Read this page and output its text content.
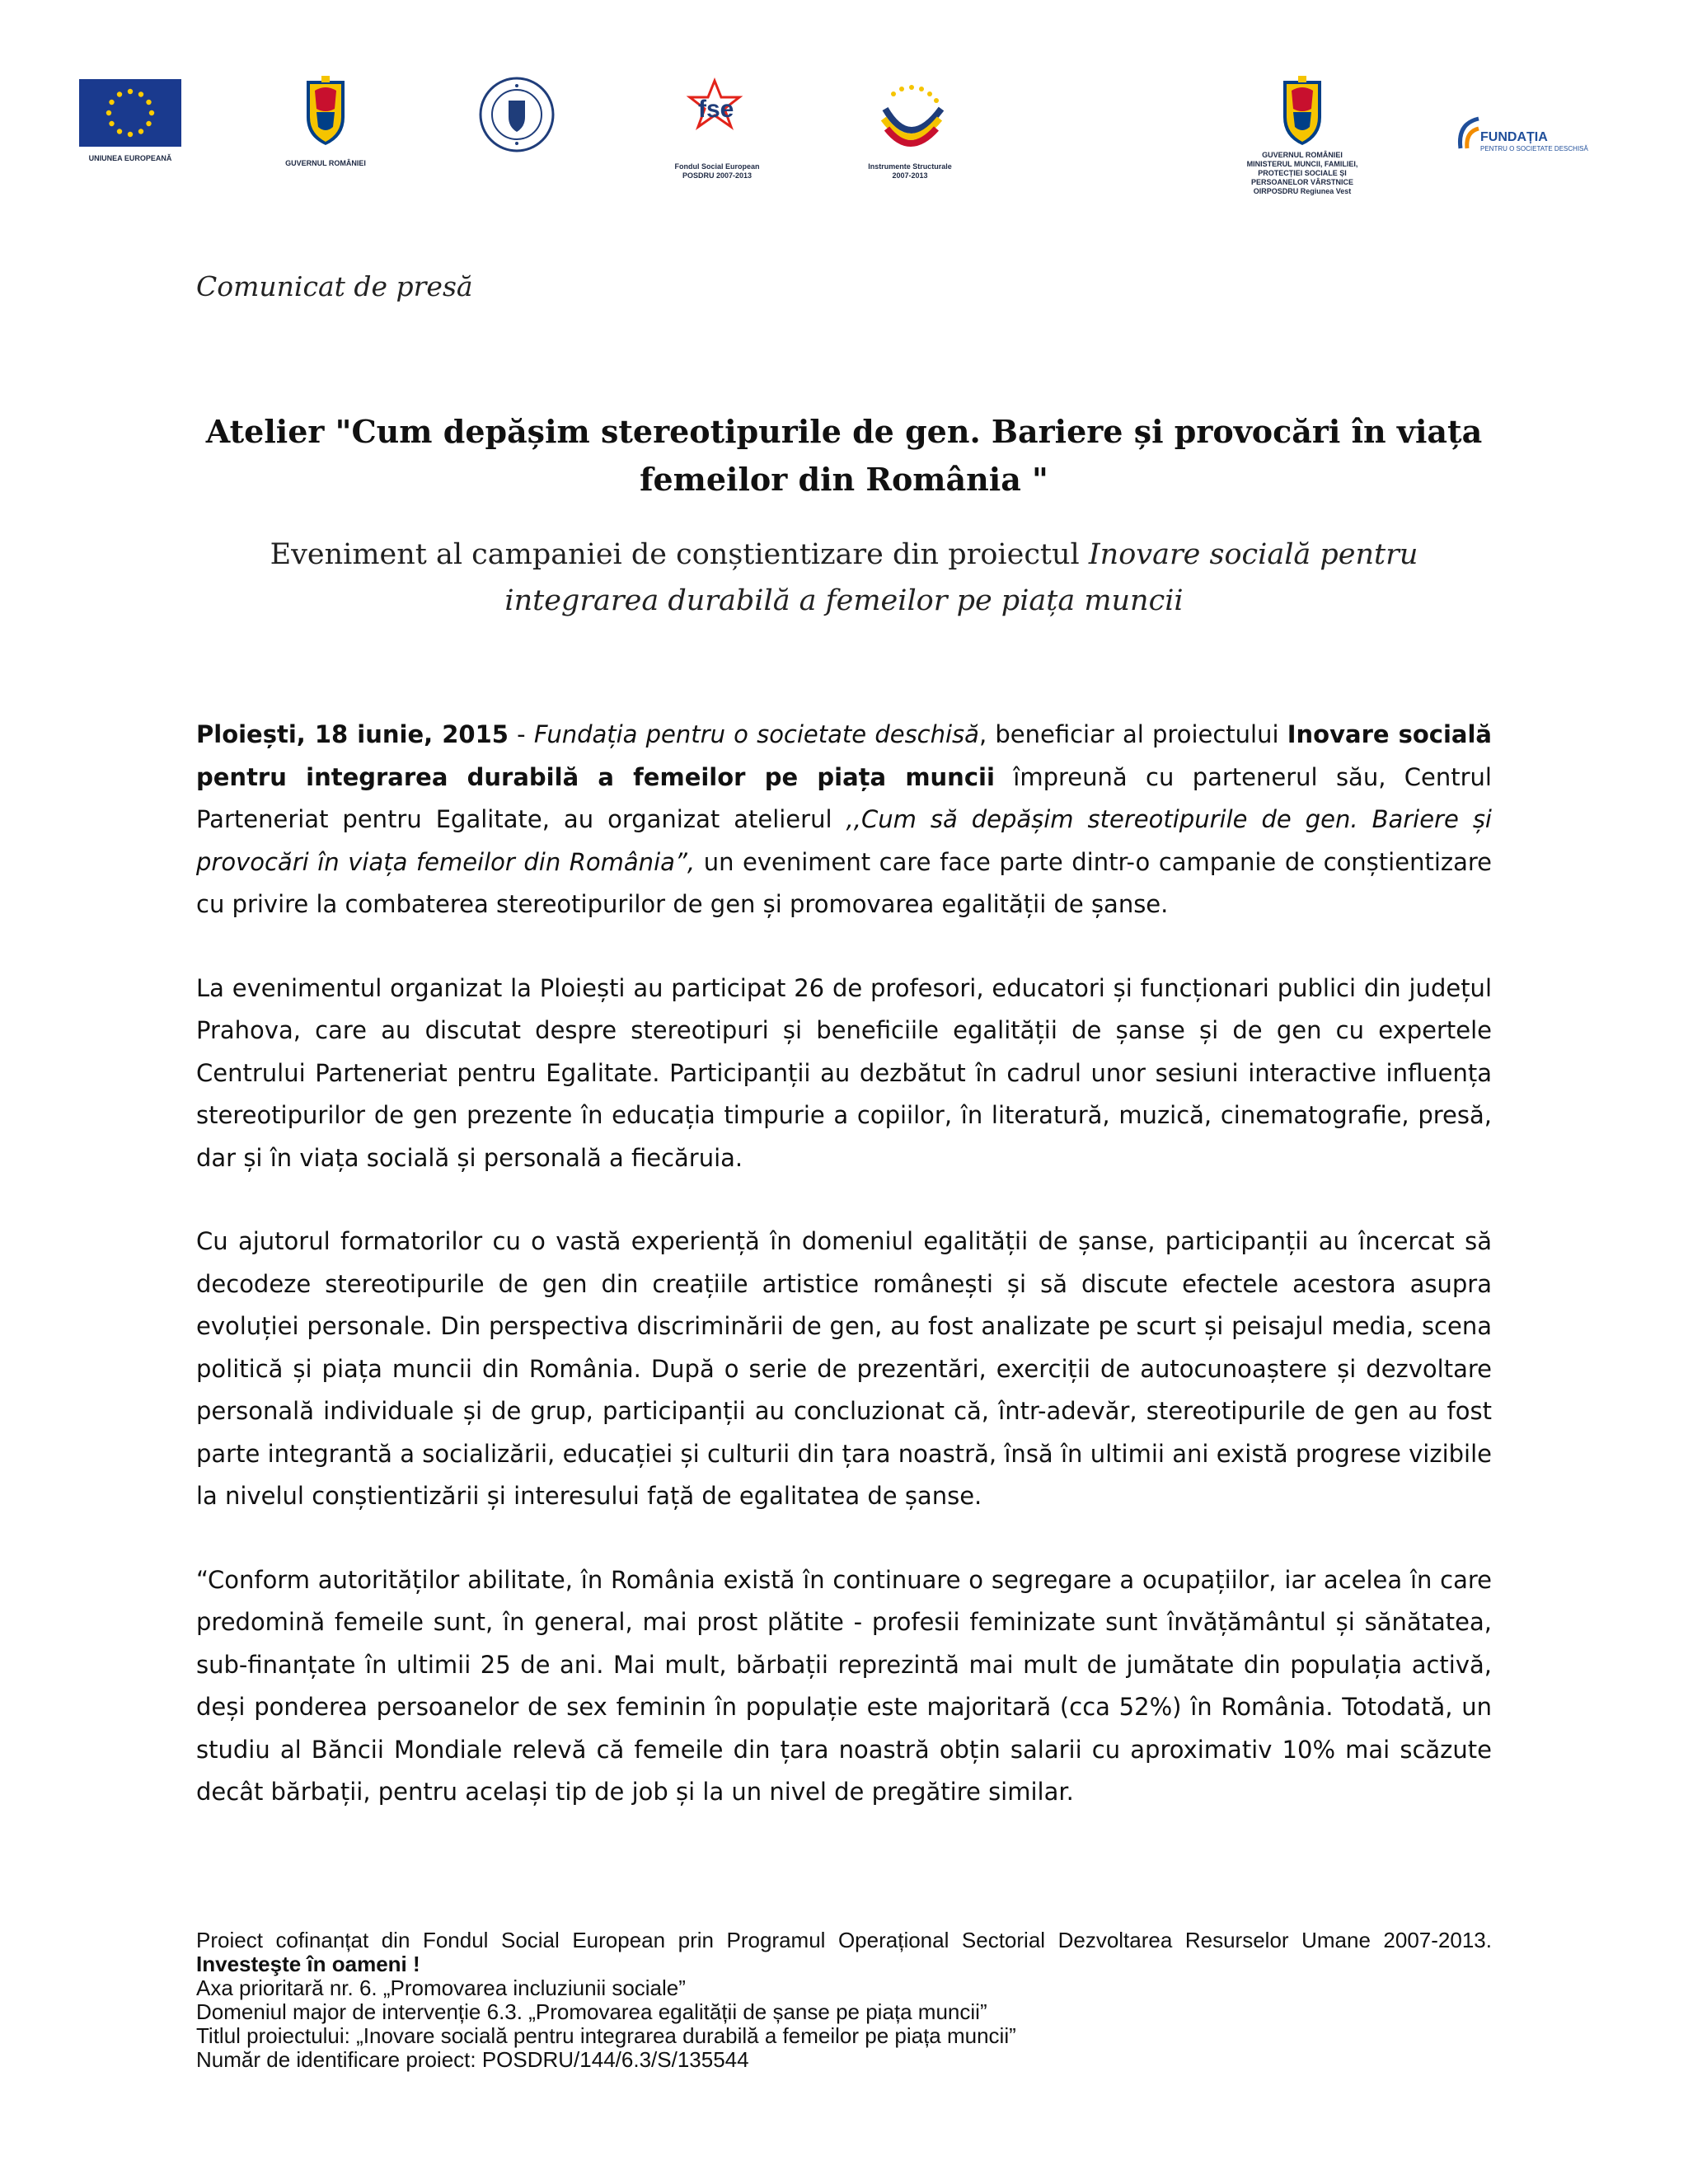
UNIUNEA EUROPEANĂ
GUVERNUL ROMÂNIEI
fse
Fondul Social European
POSDRU 2007-2013
Instrumente Structurale
2007-2013
GUVERNUL ROMÂNIEI
MINISTERUL MUNCII, FAMILIEI,
PROTECȚIEI SOCIALE ȘI
PERSOANELOR VÂRSTNICE
OIRPOSDRU Regiunea Vest
FUNDAȚIA
PENTRU O SOCIETATE DESCHISĂ
Comunicat de presă
Atelier "Cum depășim stereotipurile de gen. Bariere și provocări în viața
femeilor din România "
Eveniment al campaniei de conștientizare din proiectul Inovare socială pentru integrarea durabilă a femeilor pe piața muncii

Ploiești, 18 iunie, 2015 - Fundația pentru o societate deschisă, beneficiar al proiectului Inovare socială pentru integrarea durabilă a femeilor pe piața muncii împreună cu partenerul său, Centrul Parteneriat pentru Egalitate, au organizat atelierul ,,Cum să depășim stereotipurile de gen. Bariere și provocări în viața femeilor din România”, un eveniment care face parte dintr-o campanie de conștientizare cu privire la combaterea stereotipurilor de gen și promovarea egalității de șanse.

La evenimentul organizat la Ploiești au participat 26 de profesori, educatori și funcționari publici din județul Prahova, care au discutat despre stereotipuri și beneficiile egalității de șanse și de gen cu expertele Centrului Parteneriat pentru Egalitate. Participanții au dezbătut în cadrul unor sesiuni interactive influența stereotipurilor de gen prezente în educația timpurie a copiilor, în literatură, muzică, cinematografie, presă, dar și în viața socială și personală a fiecăruia.

Cu ajutorul formatorilor cu o vastă experiență în domeniul egalității de șanse, participanții au încercat să decodeze stereotipurile de gen din creațiile artistice românești și să discute efectele acestora asupra evoluției personale. Din perspectiva discriminării de gen, au fost analizate pe scurt și peisajul media, scena politică și piața muncii din România. După o serie de prezentări, exerciții de autocunoaștere și dezvoltare personală individuale și de grup, participanții au concluzionat că, într-adevăr, stereotipurile de gen au fost parte integrantă a socializării, educației și culturii din țara noastră, însă în ultimii ani există progrese vizibile la nivelul conștientizării și interesului față de egalitatea de șanse.

“Conform autorităților abilitate, în România există în continuare o segregare a ocupațiilor, iar acelea în care predomină femeile sunt, în general, mai prost plătite - profesii feminizate sunt învățământul și sănătatea, sub-finanțate în ultimii 25 de ani. Mai mult, bărbații reprezintă mai mult de jumătate din populația activă, deși ponderea persoanelor de sex feminin în populație este majoritară (cca 52%) în România. Totodată, un studiu al Băncii Mondiale relevă că femeile din țara noastră obțin salarii cu aproximativ 10% mai scăzute decât bărbații, pentru același tip de job și la un nivel de pregătire similar.

Proiect cofinanțat din Fondul Social European prin Programul Operațional Sectorial Dezvoltarea Resurselor Umane 2007-2013. Investeşte în oameni !
Axa prioritară nr. 6. „Promovarea incluziunii sociale”
Domeniul major de intervenție 6.3. „Promovarea egalității de șanse pe piața muncii”
Titlul proiectului: „Inovare socială pentru integrarea durabilă a femeilor pe piața muncii”
Număr de identificare proiect: POSDRU/144/6.3/S/135544
